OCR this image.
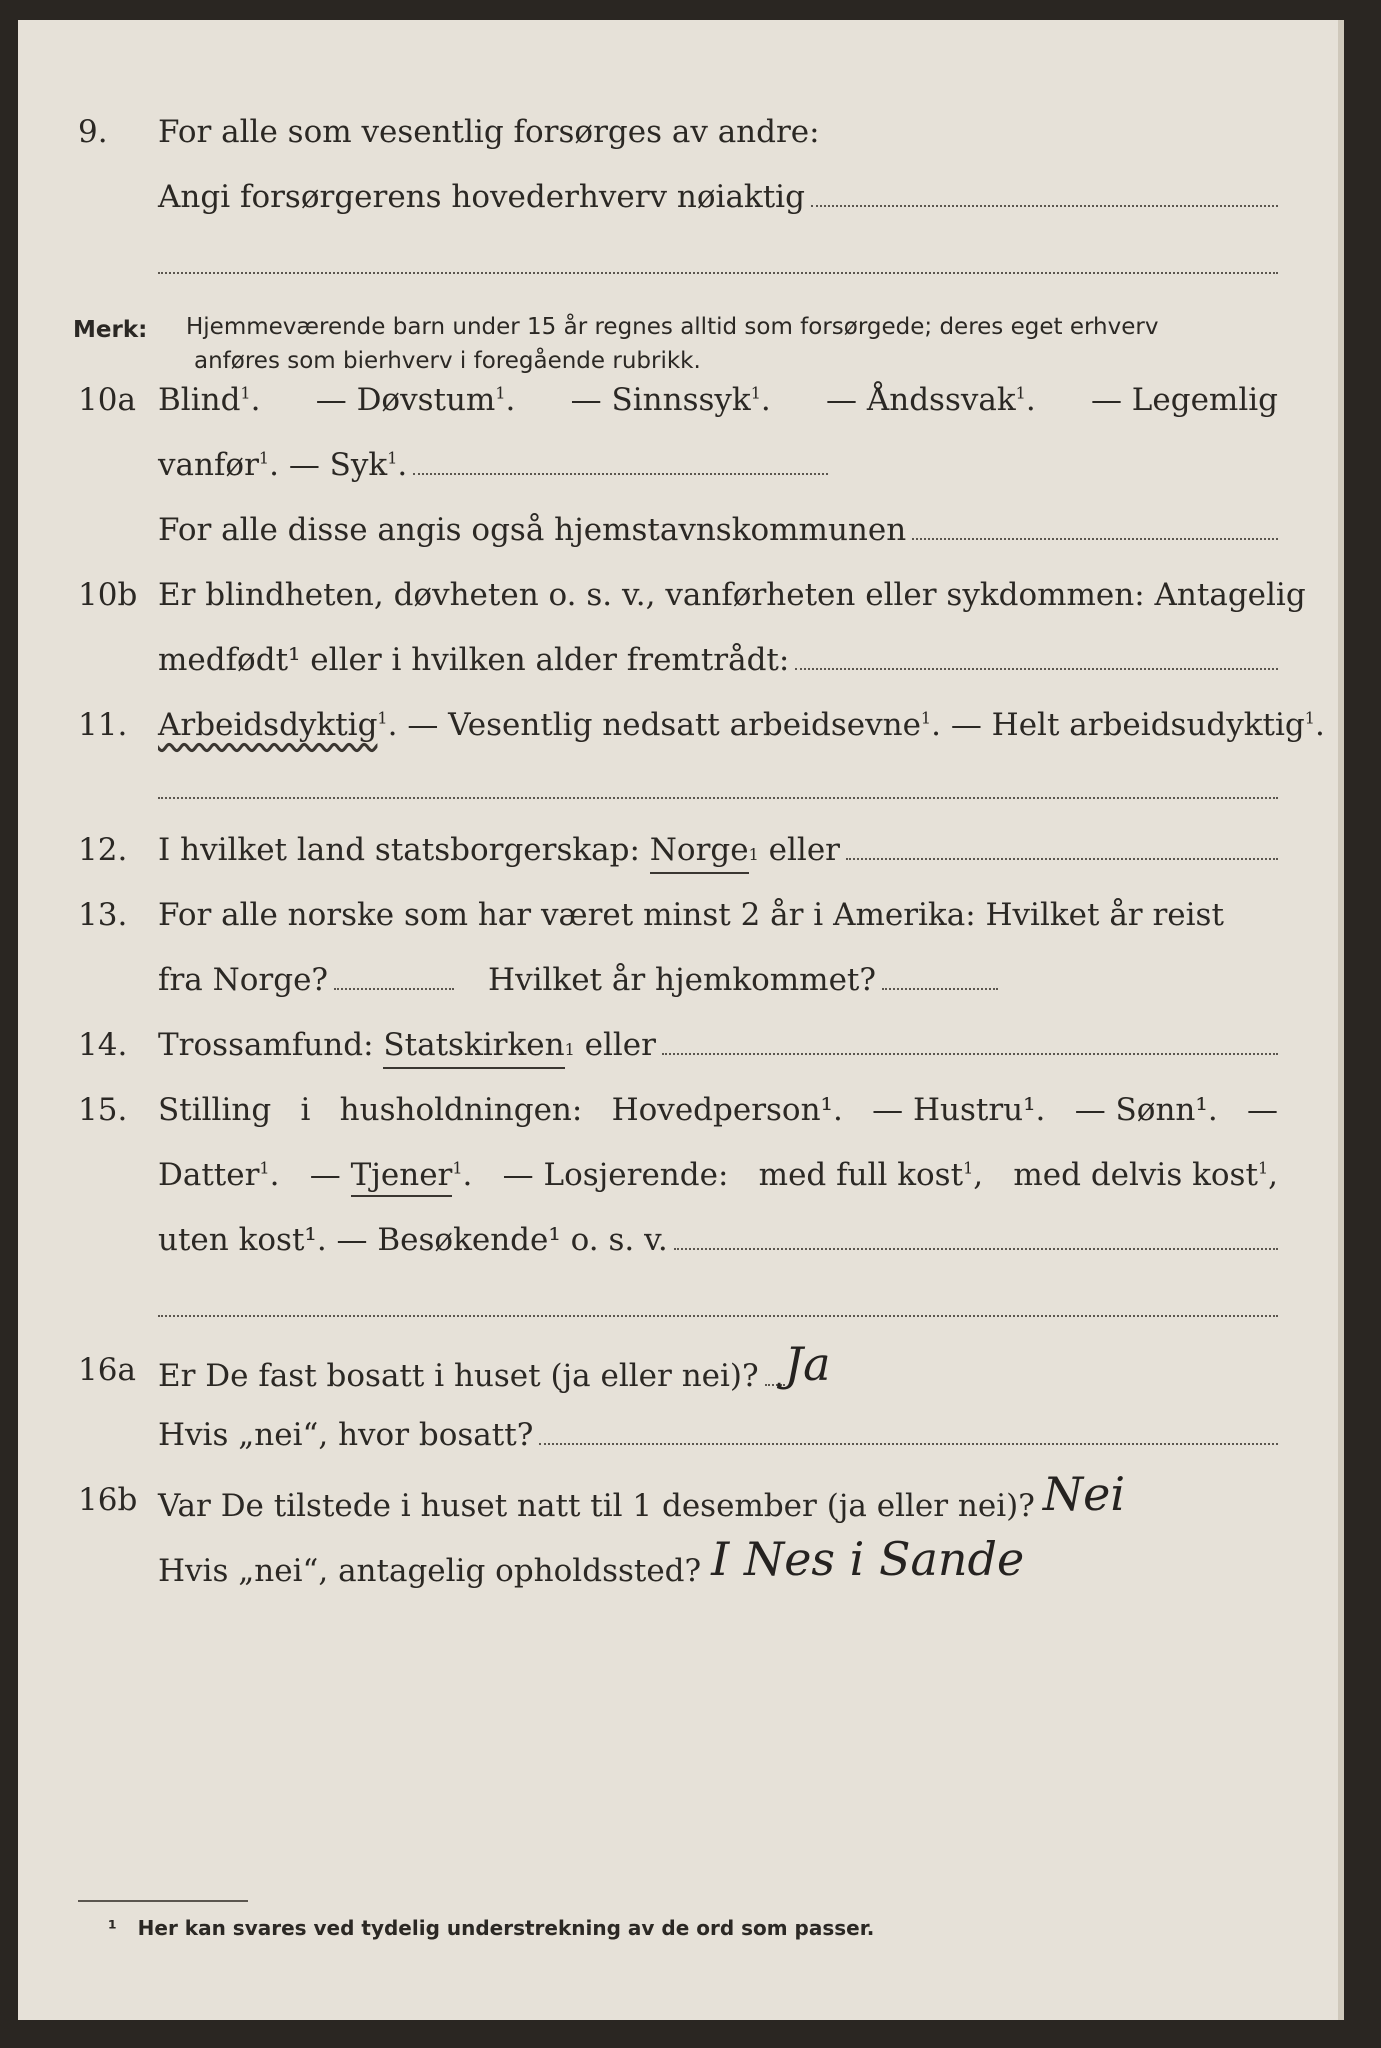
9. For alle som vesentlig forsørges av andre:
Angi forsørgerens hovederhverv nøiaktig
Merk: Hjemmeværende barn under 15 år regnes alltid som forsørgede; deres eget erhverv
anføres som bierhverv i foregående rubrikk.
10a Blind$^1$. — Døvstum$^1$. — Sinnssyk$^1$. — Åndssvak$^1$. — Legemlig
vanfør$^1$. — Syk$^1$.
For alle disse angis også hjemstavnskommunen
10b Er blindheten, døvheten o. s. v., vanførheten eller sykdommen: Antagelig
medfødt¹ eller i hvilken alder fremtrådt:
11. Arbeidsdyktig$^1$. — Vesentlig nedsatt arbeidsevne$^1$. — Helt arbeidsudyktig$^1$.
12. I hvilket land statsborgerskap:
Norge 1
eller
13. For alle norske som har været minst 2 år i Amerika: Hvilket år reist
fra Norge?	Hvilket år hjemkommet?
14. Trossamfund:
Statskirken 1
eller
15. Stilling i husholdningen: Hovedperson¹. — Hustru¹. — Sønn¹. —
Datter$^1$. — Tjener$^1$. — Losjerende: med full kost$^1$, med delvis kost$^1$,
uten kost¹. — Besøkende¹ o. s. v.
16a Er De fast bosatt i huset (ja eller nei)? Ja
Hvis „nei“, hvor bosatt?
16b Var De tilstede i huset natt til 1 desember (ja eller nei)? Nei
Hvis „nei“, antagelig opholdssted? I Nes i Sande
¹ Her kan svares ved tydelig understrekning av de ord som passer.
